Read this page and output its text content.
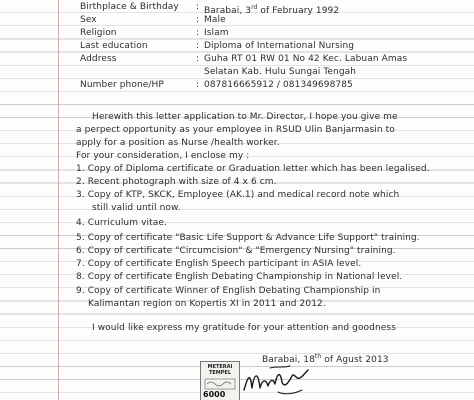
Birthplace & Birthday : Barabai, 3rd of February 1992
Sex	: Male
Religion	: Islam
Last education	: Diploma of International Nursing
Address	: Guha RT 01 RW 01 No 42 Kec. Labuan Amas
Selatan Kab. Hulu Sungai Tengah
Number phone/HP	: 087816665912 / 081349698785
Herewith this letter application to Mr. Director, I hope you give me
a perpect opportunity as your employee in RSUD Ulin Banjarmasin to
apply for a position as Nurse /health worker.
For your consideration, I enclose my :
1. Copy of Diploma certificate or Graduation letter which has been legalised.
2. Recent photograph with size of 4 x 6 cm.
3. Copy of KTP, SKCK, Employee (AK.1) and medical record note which
still valid until now.
4. Curriculum vitae.
5. Copy of certificate "Basic Life Support & Advance Life Support" training.
6. Copy of certificate "Circumcision" & "Emergency Nursing" training.
7. Copy of certificate English Speech participant in ASIA level.
8. Copy of certificate English Debating Championship in National level.
9. Copy of certificate Winner of English Debating Championship in
Kalimantan region on Kopertis XI in 2011 and 2012.
I would like express my gratitude for your attention and goodness
Barabai, 18th of Agust 2013
METERAI
TEMPEL
6000
